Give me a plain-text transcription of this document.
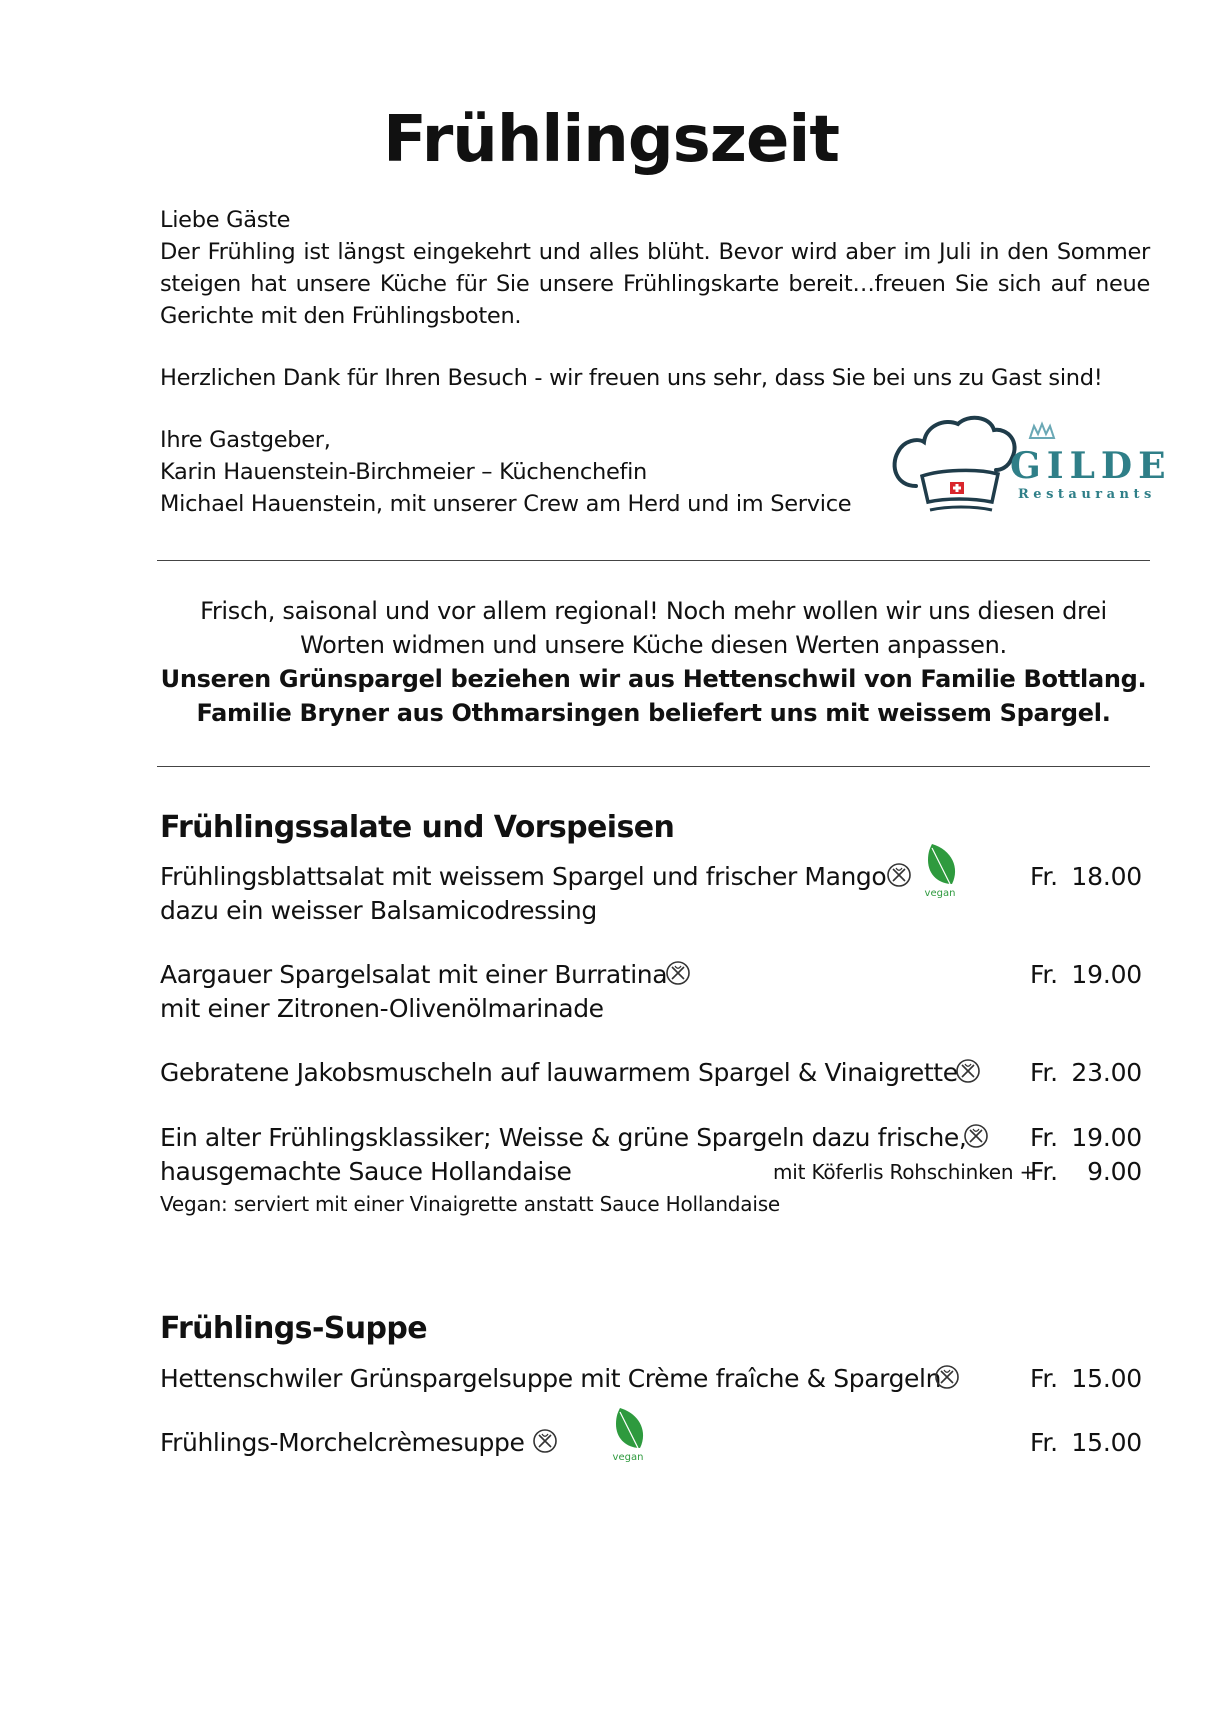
Frühlingszeit

Liebe Gäste

Der Frühling ist längst eingekehrt und alles blüht. Bevor wird aber im Juli in den Sommer steigen hat unsere Küche für Sie unsere Frühlingskarte bereit…freuen Sie sich auf neue Gerichte mit den Frühlingsboten.

Herzlichen Dank für Ihren Besuch - wir freuen uns sehr, dass Sie bei uns zu Gast sind!

Ihre Gastgeber,

Karin Hauenstein-Birchmeier – Küchenchefin

Michael Hauenstein, mit unserer Crew am Herd und im Service

GILDE
Restaurants
Frisch, saisonal und vor allem regional! Noch mehr wollen wir uns diesen drei
Worten widmen und unsere Küche diesen Werten anpassen.
Unseren Grünspargel beziehen wir aus Hettenschwil von Familie Bottlang.
Familie Bryner aus Othmarsingen beliefert uns mit weissem Spargel.
Frühlingssalate und Vorspeisen
Frühlingsblattsalat mit weissem Spargel und frischer Mango
dazu ein weisser Balsamicodressing
vegan
Fr. 18.00
Aargauer Spargelsalat mit einer Burratina
mit einer Zitronen-Olivenölmarinade
Fr. 19.00
Gebratene Jakobsmuscheln auf lauwarmem Spargel & Vinaigrette	Fr. 23.00
Ein alter Frühlingsklassiker; Weisse & grüne Spargeln dazu frische,
hausgemachte Sauce Hollandaise
Vegan: serviert mit einer Vinaigrette anstatt Sauce Hollandaise
Fr. 19.00
mit Köferlis Rohschinken +
Fr. 9.00
Frühlings-Suppe
Hettenschwiler Grünspargelsuppe mit Crème fraîche & Spargeln	Fr. 15.00
Frühlings-Morchelcrèmesuppe
vegan
Fr. 15.00
